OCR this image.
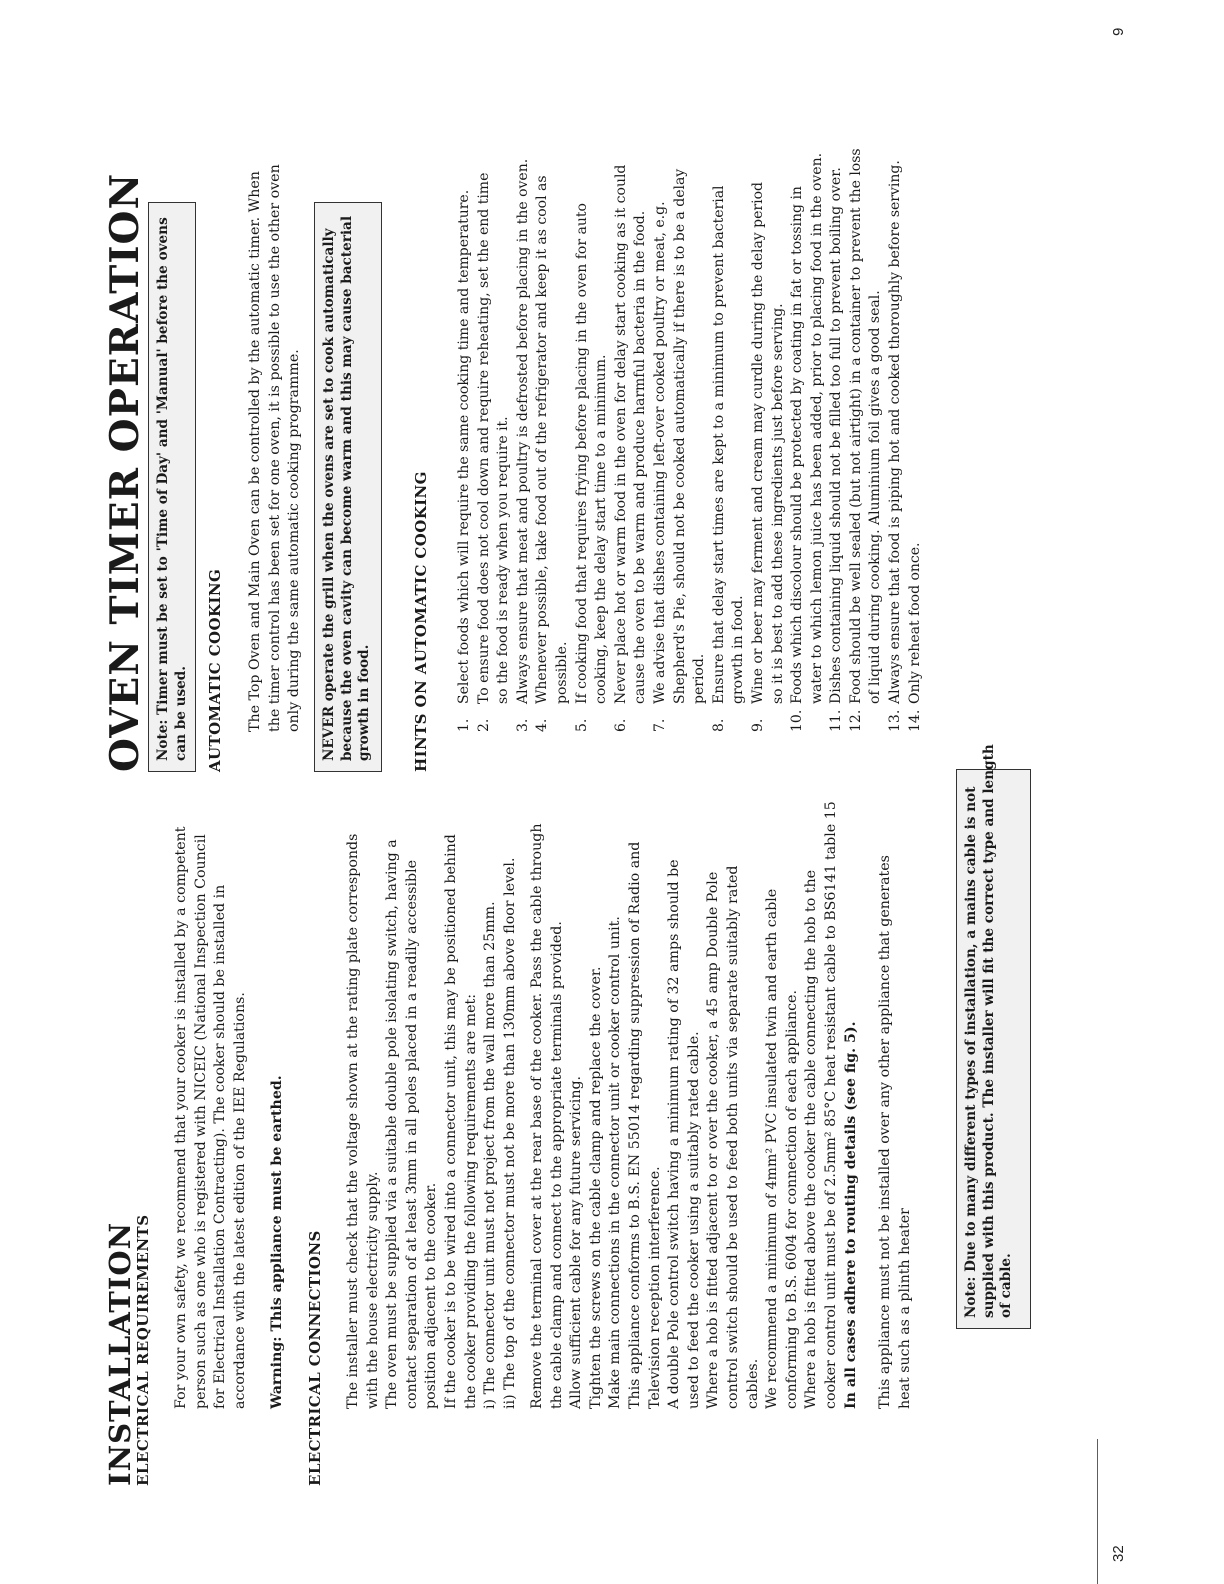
32
INSTALLATION
ELECTRICAL REQUIREMENTS For your own safety, we recommend that your cooker is installed by a competent person such as one who is registered with NICEIC (National Inspection Council for Electrical Installation Contracting). The cooker should be installed in accordance with the latest edition of the IEE Regulations. Warning: This appliance must be earthed. ELECTRICAL CONNECTIONS The installer must check that the voltage shown at the rating plate corresponds with the house electricity supply. The oven must be supplied via a suitable double pole isolating switch, having a contact separation of at least 3mm in all poles placed in a readily accessible position adjacent to the cooker. If the cooker is to be wired into a connector unit, this may be positioned behind the cooker providing the following requirements are met: i) The connector unit must not project from the wall more than 25mm. ii) The top of the connector must not be more than 130mm above floor level. Remove the terminal cover at the rear base of the cooker. Pass the cable through the cable clamp and connect to the appropriate terminals provided. Allow sufficient cable for any future servicing. Tighten the screws on the cable clamp and replace the cover. Make main connections in the connector unit or cooker control unit. This appliance conforms to B.S. EN 55014 regarding suppression of Radio and Television reception interference. A double Pole control switch having a minimum rating of 32 amps should be used to feed the cooker using a suitably rated cable. Where a hob is fitted adjacent to or over the cooker, a 45 amp Double Pole control switch should be used to feed both units via separate suitably rated cables. We recommend a minimum of 4mm² PVC insulated twin and earth cable conforming to B.S. 6004 for connection of each appliance. Where a hob is fitted above the cooker the cable connecting the hob to the cooker control unit must be of 2.5mm² 85°C heat resistant cable to BS6141 table 15 In all cases adhere to routing details (see fig. 5). This appliance must not be installed over any other appliance that generates heat such as a plinth heater	Note: Due to many different types of installation, a mains cable is not supplied with this product. The installer will fit the correct type and length of cable.
OVEN TIMER OPERATION Note: Timer must be set to 'Time of Day' and 'Manual' before the ovens can be used. AUTOMATIC COOKING The Top Oven and Main Oven can be controlled by the automatic timer. When the timer control has been set for one oven, it is possible to use the other oven only during the same automatic cooking programme. NEVER operate the grill when the ovens are set to cook automatically because the oven cavity can become warm and this may cause bacterial growth in food.	HINTS ON AUTOMATIC COOKING 1.
Select foods which will require the same cooking time and temperature.
2.
To ensure food does not cool down and require reheating, set the end time so the food is ready when you require it.
3.
Always ensure that meat and poultry is defrosted before placing in the oven.
4.
Whenever possible, take food out of the refrigerator and keep it as cool as possible.
5.
If cooking food that requires frying before placing in the oven for auto cooking, keep the delay start time to a minimum.
6.
Never place hot or warm food in the oven for delay start cooking as it could cause the oven to be warm and produce harmful bacteria in the food.
7.
We advise that dishes containing left-over cooked poultry or meat, e.g. Shepherd's Pie, should not be cooked automatically if there is to be a delay period.
8.
Ensure that delay start times are kept to a minimum to prevent bacterial growth in food.
9.
Wine or beer may ferment and cream may curdle during the delay period so it is best to add these ingredients just before serving.
10.
Foods which discolour should be protected by coating in fat or tossing in water to which lemon juice has been added, prior to placing food in the oven.
11.
Dishes containing liquid should not be filled too full to prevent boiling over.
12.
Food should be well sealed (but not airtight) in a container to prevent the loss of liquid during cooking. Aluminium foil gives a good seal.
13.
Always ensure that food is piping hot and cooked thoroughly before serving.
14.
Only reheat food once.
9
